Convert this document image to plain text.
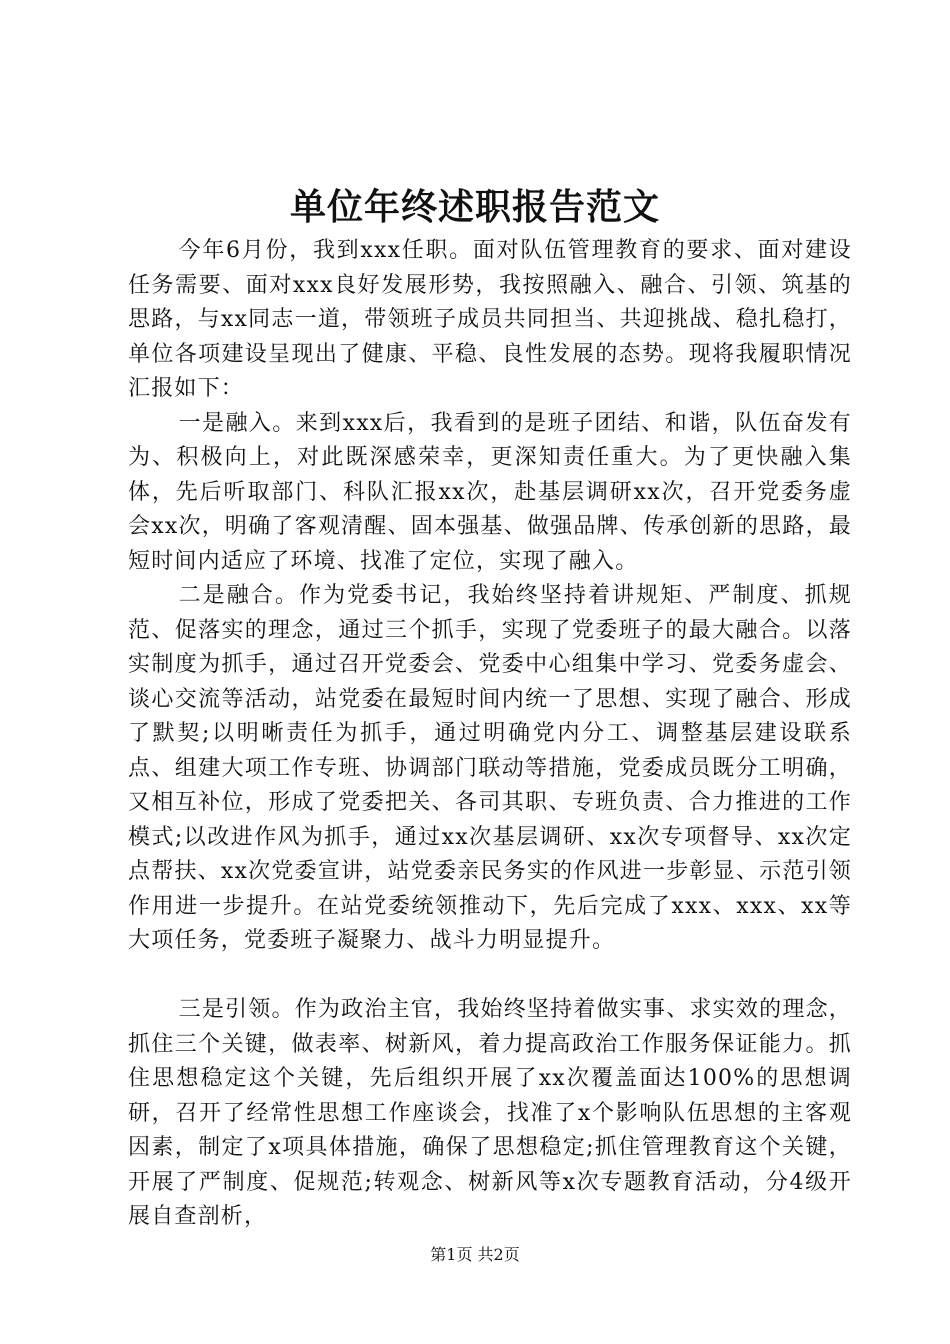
单位年终述职报告范文

今年6月份，我到xxx任职。面对队伍管理教育的要求、面对建设任务需要、面对xxx良好发展形势，我按照融入、融合、引领、筑基的思路，与xx同志一道，带领班子成员共同担当、共迎挑战、稳扎稳打，单位各项建设呈现出了健康、平稳、良性发展的态势。现将我履职情况汇报如下：

一是融入。来到xxx后，我看到的是班子团结、和谐，队伍奋发有为、积极向上，对此既深感荣幸，更深知责任重大。为了更快融入集体，先后听取部门、科队汇报xx次，赴基层调研xx次，召开党委务虚会xx次，明确了客观清醒、固本强基、做强品牌、传承创新的思路，最短时间内适应了环境、找准了定位，实现了融入。

二是融合。作为党委书记，我始终坚持着讲规矩、严制度、抓规范、促落实的理念，通过三个抓手，实现了党委班子的最大融合。以落实制度为抓手，通过召开党委会、党委中心组集中学习、党委务虚会、谈心交流等活动，站党委在最短时间内统一了思想、实现了融合、形成了默契;以明晰责任为抓手，通过明确党内分工、调整基层建设联系点、组建大项工作专班、协调部门联动等措施，党委成员既分工明确，又相互补位，形成了党委把关、各司其职、专班负责、合力推进的工作模式;以改进作风为抓手，通过xx次基层调研、xx次专项督导、xx次定点帮扶、xx次党委宣讲，站党委亲民务实的作风进一步彰显、示范引领作用进一步提升。在站党委统领推动下，先后完成了xxx、xxx、xx等大项任务，党委班子凝聚力、战斗力明显提升。

三是引领。作为政治主官，我始终坚持着做实事、求实效的理念，抓住三个关键，做表率、树新风，着力提高政治工作服务保证能力。抓住思想稳定这个关键，先后组织开展了xx次覆盖面达100%的思想调研，召开了经常性思想工作座谈会，找准了x个影响队伍思想的主客观因素，制定了x项具体措施，确保了思想稳定;抓住管理教育这个关键，开展了严制度、促规范;转观念、树新风等x次专题教育活动，分4级开展自查剖析，

第1页 共2页
